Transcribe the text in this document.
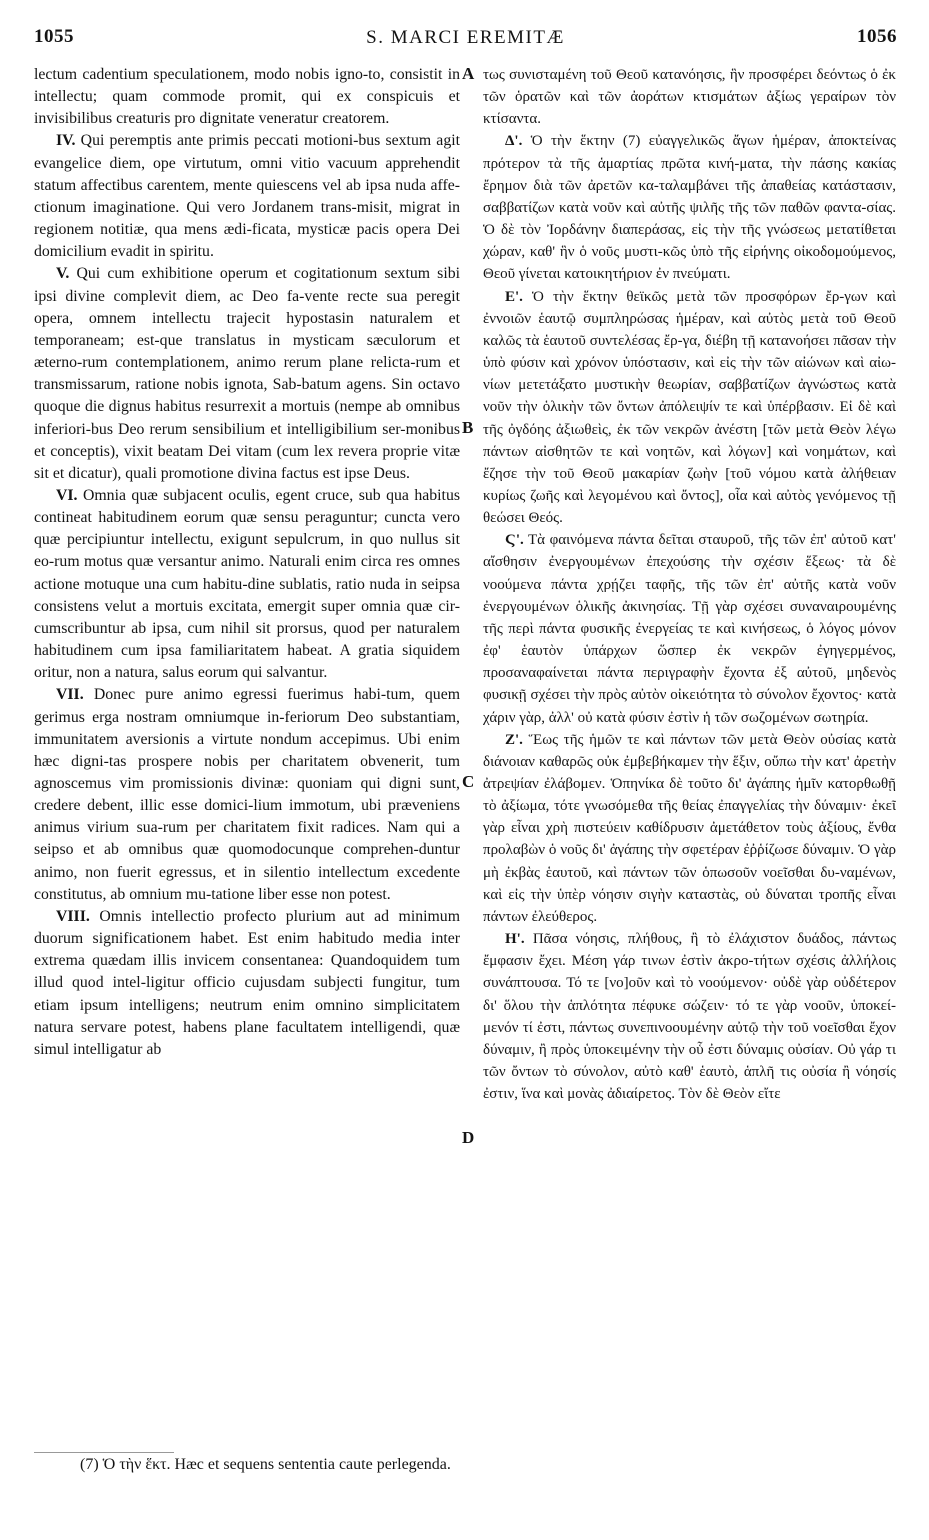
1055	S. MARCI EREMITÆ	1056

lectum cadentium speculationem, modo nobis igno-to, consistit in intellectu; quam commode promit, qui ex conspicuis et invisibilibus creaturis pro dignitate veneratur creatorem.

IV. Qui peremptis ante primis peccati motioni-bus sextum agit evangelice diem, ope virtutum, omni vitio vacuum apprehendit statum affectibus carentem, mente quiescens vel ab ipsa nuda affe-ctionum imaginatione. Qui vero Jordanem trans-misit, migrat in regionem notitiæ, qua mens ædi-ficata, mysticæ pacis opera Dei domicilium evadit in spiritu.

V. Qui cum exhibitione operum et cogitationum sextum sibi ipsi divine complevit diem, ac Deo fa-vente recte sua peregit opera, omnem intellectu trajecit hypostasin naturalem et temporaneam; est-que translatus in mysticam sæculorum et æterno-rum contemplationem, animo rerum plane relicta-rum et transmissarum, ratione nobis ignota, Sab-batum agens. Sin octavo quoque die dignus habitus resurrexit a mortuis (nempe ab omnibus inferiori-bus Deo rerum sensibilium et intelligibilium ser-monibus et conceptis), vixit beatam Dei vitam (cum lex revera proprie vitæ sit et dicatur), quali promotione divina factus est ipse Deus.

VI. Omnia quæ subjacent oculis, egent cruce, sub qua habitus contineat habitudinem eorum quæ sensu peraguntur; cuncta vero quæ percipiuntur intellectu, exigunt sepulcrum, in quo nullus sit eo-rum motus quæ versantur animo. Naturali enim circa res omnes actione motuque una cum habitu-dine sublatis, ratio nuda in seipsa consistens velut a mortuis excitata, emergit super omnia quæ cir-cumscribuntur ab ipsa, cum nihil sit prorsus, quod per naturalem habitudinem cum ipsa familiaritatem habeat. A gratia siquidem oritur, non a natura, salus eorum qui salvantur.

VII. Donec pure animo egressi fuerimus habi-tum, quem gerimus erga nostram omniumque in-feriorum Deo substantiam, immunitatem aversionis a virtute nondum accepimus. Ubi enim hæc digni-tas prospere nobis per charitatem obvenerit, tum agnoscemus vim promissionis divinæ: quoniam qui digni sunt, credere debent, illic esse domici-lium immotum, ubi præveniens animus virium sua-rum per charitatem fixit radices. Nam qui a seipso et ab omnibus quæ quomodocunque comprehen-duntur animo, non fuerit egressus, et in silentio intellectum excedente constitutus, ab omnium mu-tatione liber esse non potest.

VIII. Omnis intellectio profecto plurium aut ad minimum duorum significationem habet. Est enim habitudo media inter extrema quædam illis invicem consentanea: Quandoquidem tum illud quod intel-ligitur officio cujusdam subjecti fungitur, tum etiam ipsum intelligens; neutrum enim omnino simplicitatem natura servare potest, habens plane facultatem intelligendi, quæ simul intelligatur ab

A
B
C
D

τως συνισταμένη τοῦ Θεοῦ κατανόησις, ἣν προσφέρει δεόντως ὁ ἐκ τῶν ὁρατῶν καὶ τῶν ἀοράτων κτισμάτων ἀξίως γεραίρων τὸν κτίσαντα.

Δ'. Ὁ τὴν ἕκτην (7) εὐαγγελικῶς ἄγων ἡμέραν, ἀποκτείνας πρότερον τὰ τῆς ἁμαρτίας πρῶτα κινή-ματα, τὴν πάσης κακίας ἔρημον διὰ τῶν ἀρετῶν κα-ταλαμβάνει τῆς ἀπαθείας κατάστασιν, σαββατίζων κατὰ νοῦν καὶ αὐτῆς ψιλῆς τῆς τῶν παθῶν φαντα-σίας. Ὁ δὲ τὸν Ἰορδάνην διαπεράσας, εἰς τὴν τῆς γνώσεως μετατίθεται χώραν, καθ' ἣν ὁ νοῦς μυστι-κῶς ὑπὸ τῆς εἰρήνης οἰκοδομούμενος, Θεοῦ γίνεται κατοικητήριον ἐν πνεύματι.

Ε'. Ὁ τὴν ἕκτην θεϊκῶς μετὰ τῶν προσφόρων ἔρ-γων καὶ ἐννοιῶν ἑαυτῷ συμπληρώσας ἡμέραν, καὶ αὐτὸς μετὰ τοῦ Θεοῦ καλῶς τὰ ἑαυτοῦ συντελέσας ἔρ-γα, διέβη τῇ κατανοήσει πᾶσαν τὴν ὑπὸ φύσιν καὶ χρόνον ὑπόστασιν, καὶ εἰς τὴν τῶν αἰώνων καὶ αἰω-νίων μετετάξατο μυστικὴν θεωρίαν, σαββατίζων ἀγνώστως κατὰ νοῦν τὴν ὁλικὴν τῶν ὄντων ἀπόλειψίν τε καὶ ὑπέρβασιν. Εἰ δὲ καὶ τῆς ὀγδόης ἀξιωθεὶς, ἐκ τῶν νεκρῶν ἀνέστη [τῶν μετὰ Θεὸν λέγω πάντων αἰσθητῶν τε καὶ νοητῶν, καὶ λόγων] καὶ νοημάτων, καὶ ἔζησε τὴν τοῦ Θεοῦ μακαρίαν ζωὴν [τοῦ νόμου κατὰ ἀλήθειαν κυρίως ζωῆς καὶ λεγομένου καὶ ὄντος], οἷα καὶ αὐτὸς γενόμενος τῇ θεώσει Θεός.

Ϛ'. Τὰ φαινόμενα πάντα δεῖται σταυροῦ, τῆς τῶν ἐπ' αὐτοῦ κατ' αἴσθησιν ἐνεργουμένων ἐπεχούσης τὴν σχέσιν ἕξεως· τὰ δὲ νοούμενα πάντα χρῄζει ταφῆς, τῆς τῶν ἐπ' αὐτῆς κατὰ νοῦν ἐνεργουμένων ὁλικῆς ἀκινησίας. Τῇ γὰρ σχέσει συναναιρουμένης τῆς περὶ πάντα φυσικῆς ἐνεργείας τε καὶ κινήσεως, ὁ λόγος μόνον ἐφ' ἑαυτὸν ὑπάρχων ὥσπερ ἐκ νεκρῶν ἐγηγερμένος, προσαναφαίνεται πάντα περιγραφὴν ἔχοντα ἐξ αὐτοῦ, μηδενὸς φυσικῇ σχέσει τὴν πρὸς αὐτὸν οἰκειότητα τὸ σύνολον ἔχοντος· κατὰ χάριν γὰρ, ἀλλ' οὐ κατὰ φύσιν ἐστὶν ἡ τῶν σωζομένων σωτηρία.

Ζ'. Ἕως τῆς ἡμῶν τε καὶ πάντων τῶν μετὰ Θεὸν οὐσίας κατὰ διάνοιαν καθαρῶς οὐκ ἐμβεβήκαμεν τὴν ἕξιν, οὔπω τὴν κατ' ἀρετὴν ἀτρεψίαν ἐλάβομεν. Ὁπηνίκα δὲ τοῦτο δι' ἀγάπης ἡμῖν κατορθωθῇ τὸ ἀξίωμα, τότε γνωσόμεθα τῆς θείας ἐπαγγελίας τὴν δύναμιν· ἐκεῖ γὰρ εἶναι χρὴ πιστεύειν καθίδρυσιν ἀμετάθετον τοὺς ἀξίους, ἔνθα προλαβὼν ὁ νοῦς δι' ἀγάπης τὴν σφετέραν ἐῤῥίζωσε δύναμιν. Ὁ γὰρ μὴ ἐκβὰς ἑαυτοῦ, καὶ πάντων τῶν ὁπωσοῦν νοεῖσθαι δυ-ναμένων, καὶ εἰς τὴν ὑπὲρ νόησιν σιγὴν καταστὰς, οὐ δύναται τροπῆς εἶναι πάντων ἐλεύθερος.

Η'. Πᾶσα νόησις, πλήθους, ἢ τὸ ἐλάχιστον δυάδος, πάντως ἔμφασιν ἔχει. Μέση γάρ τινων ἐστὶν ἀκρο-τήτων σχέσις ἀλλήλοις συνάπτουσα. Τό τε [νο]οῦν καὶ τὸ νοούμενον· οὐδὲ γὰρ οὐδέτερον δι' ὅλου τὴν ἁπλότητα πέφυκε σώζειν· τό τε γὰρ νοοῦν, ὑποκεί-μενόν τί ἐστι, πάντως συνεπινοουμένην αὐτῷ τὴν τοῦ νοεῖσθαι ἔχον δύναμιν, ἢ πρὸς ὑποκειμένην τὴν οὗ ἐστι δύναμις οὐσίαν. Οὐ γάρ τι τῶν ὄντων τὸ σύνολον, αὐτὸ καθ' ἑαυτὸ, ἁπλῆ τις οὐσία ἢ νόησίς ἐστιν, ἵνα καὶ μονὰς ἀδιαίρετος. Τὸν δὲ Θεὸν εἴτε

(7) Ὁ τὴν ἕκτ. Hæc et sequens sententia caute perlegenda.
